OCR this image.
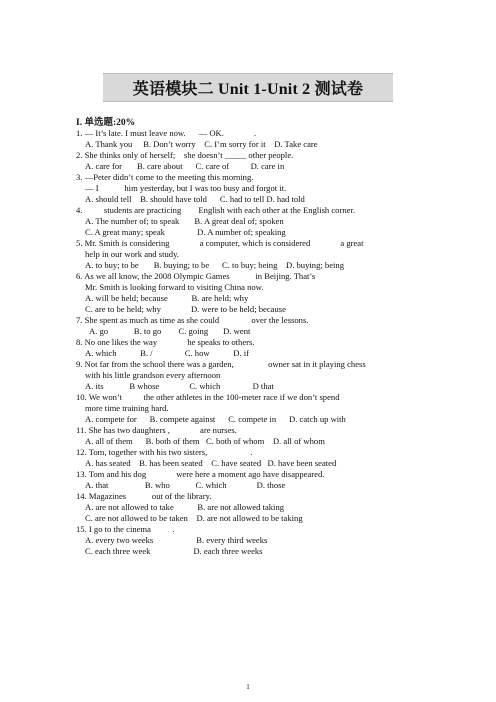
英语模块二 Unit 1-Unit 2 测试卷
I. 单选题:20%
1. — It’s late. I must leave now.      — OK.              .
A. Thank you     B. Don’t worry    C. I’m sorry for it    D. Take care
2. She thinks only of herself;    she doesn’t _____ other people.
A. care for       B. care about      C. care of          D. care in
3. —Peter didn’t come to the meeting this morning.
— I            him yesterday, but I was too busy and forgot it.
A. should tell    B. should have told      C. had to tell D. had told
4.          students are practicing        English with each other at the English corner.
A. The number of; to speak       B. A great deal of; spoken
C. A great many; speak               D. A number of; speaking
5. Mr. Smith is considering              a computer, which is considered              a great
help in our work and study.
A. to buy; to be       B. buying; to be      C. to buy; being    D. buying; being
6. As we all know, the 2008 Olympic Games            in Beijing. That’s
Mr. Smith is looking forward to visiting China now.
A. will be held; because           B. are held; why
C. are to be held; why              D. were to be held; because
7. She spent as much as time as she could               over the lessons.
A. go            B. to go        C. going       D. went
8. No one likes the way              he speaks to others.
A. which           B. /               C. how           D. if
9. Not far from the school there was a garden,                owner sat in it playing chess
with his little grandson every afternoon
A. its            B whose              C. which               D that
10. We won’t          the other athletes in the 100-meter race if we don’t spend
more time training hard.
A. compete for      B. compete against      C. compete in      D. catch up with
11. She has two daughters ,              are nurses.
A. all of them      B. both of them   C. both of whom    D. all of whom
12. Tom, together with his two sisters,                    .
A. has seated    B. has been seated    C. have seated   D. have been seated
13. Tom and his dog              were here a moment ago have disappeared.
A. that                 B. who            C. which              D. those
14. Magazines            out of the library.
A. are not allowed to take           B. are not allowed taking
C. are not allowed to be taken    D. are not allowed to be taking
15. I go to the cinema          .
A. every two weeks                    B. every third weeks
C. each three week                    D. each three weeks
1
